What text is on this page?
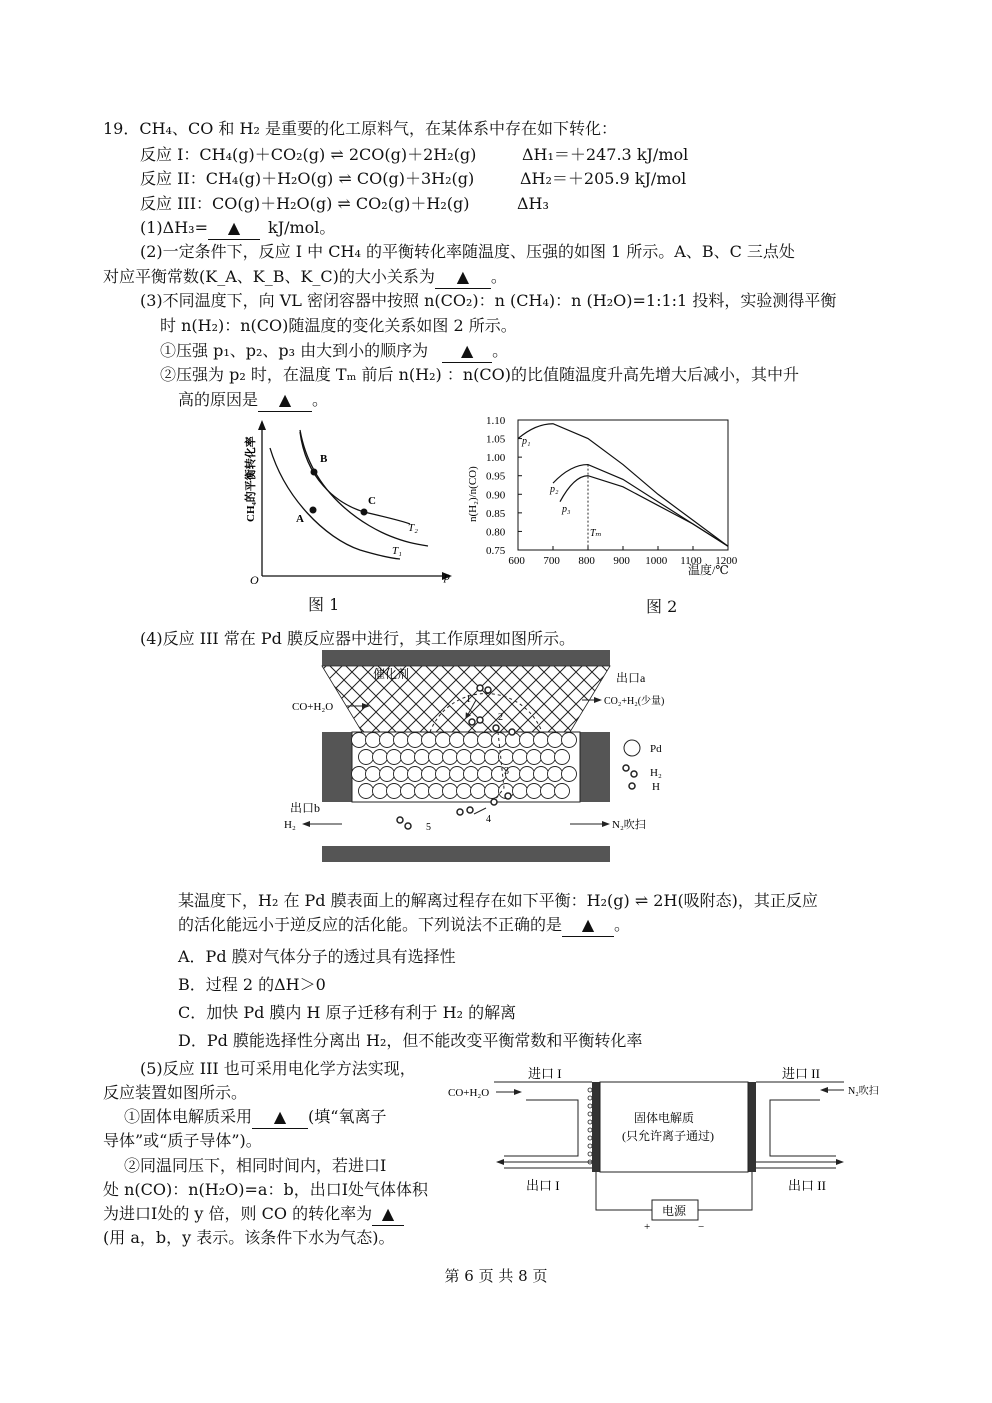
19．CH₄、CO 和 H₂ 是重要的化工原料气，在某体系中存在如下转化：
反应 I：CH₄(g)＋CO₂(g) ⇌ 2CO(g)＋2H₂(g)	ΔH₁＝＋247.3 kJ/mol
反应 II：CH₄(g)＋H₂O(g) ⇌ CO(g)＋3H₂(g)	ΔH₂＝＋205.9 kJ/mol
反应 III：CO(g)＋H₂O(g) ⇌ CO₂(g)＋H₂(g)	ΔH₃
(1)ΔH₃= ▲ kJ/mol。
(2)一定条件下，反应 I 中 CH₄ 的平衡转化率随温度、压强的如图 1 所示。A、B、C 三点处
对应平衡常数(K_A、K_B、K_C)的大小关系为 ▲ 。
(3)不同温度下，向 VL 密闭容器中按照 n(CO₂)：n (CH₄)：n (H₂O)=1:1:1 投料，实验测得平衡
时 n(H₂)：n(CO)随温度的变化关系如图 2 所示。
①压强 p₁、p₂、p₃ 由大到小的顺序为 ▲ 。
②压强为 p₂ 时，在温度 Tₘ 前后 n(H₂) ：n(CO)的比值随温度升高先增大后减小，其中升
高的原因是 ▲ 。
B
A
C
T₂
T₁
O	p
CH₄的平衡转化率
图 1
1.10
1.05
1.00
0.95
0.90
0.85
0.80
0.75
600 700 800 900 1000 1100 1200
n(H₂)/n(CO)
温度/℃
p₁
p₂
p₃
Tₘ
图 2
(4)反应 III 常在 Pd 膜反应器中进行，其工作原理如图所示。
催化剂
CO+H₂O
出口a
CO₂+H₂(少量)
1
2
3
4
5
出口b
H₂	N₂吹扫
Pd
H₂
H
某温度下，H₂ 在 Pd 膜表面上的解离过程存在如下平衡：H₂(g) ⇌ 2H(吸附态)，其正反应
的活化能远小于逆反应的活化能。下列说法不正确的是 ▲ 。
A．Pd 膜对气体分子的透过具有选择性
B．过程 2 的ΔH＞0
C．加快 Pd 膜内 H 原子迁移有利于 H₂ 的解离
D．Pd 膜能选择性分离出 H₂，但不能改变平衡常数和平衡转化率
(5)反应 III 也可采用电化学方法实现，
反应装置如图所示。
①固体电解质采用 ▲ (填“氧离子
导体”或“质子导体”)。
②同温同压下，相同时间内，若进口I
处 n(CO)：n(H₂O)=a：b，出口I处气体体积
为进口I处的 y 倍，则 CO 的转化率为 ▲
(用 a，b，y 表示。该条件下水为气态)。
进口 I	进口 II
CO+H₂O	N₂吹扫
固体电解质
(只允许离子通过)
出口 I	出口 II
电源
+	−
第 6 页 共 8 页
